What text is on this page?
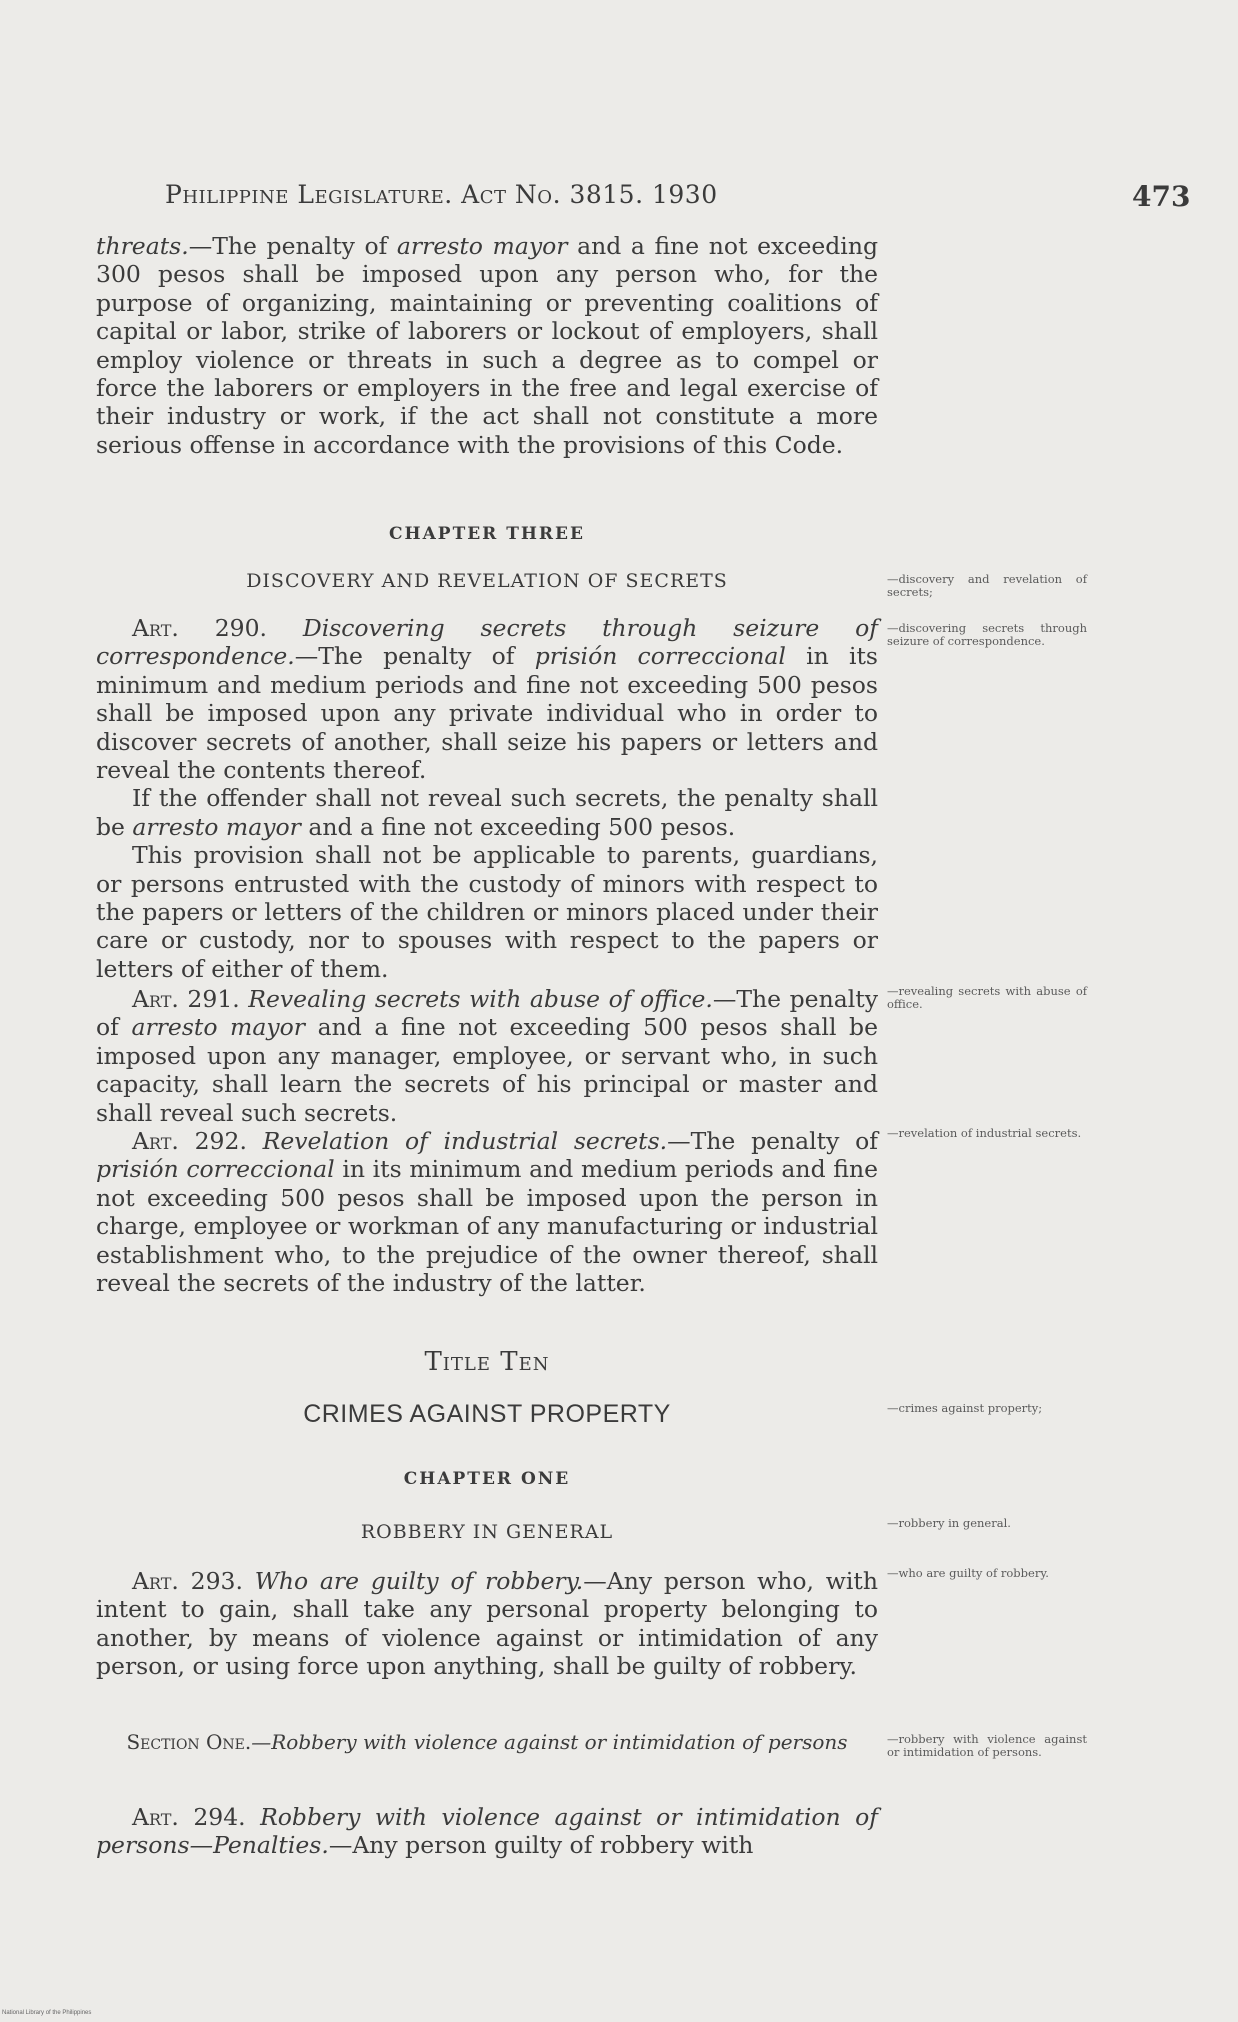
Philippine Legislature. Act No. 3815. 1930	473

threats.—The penalty of arresto mayor and a fine not exceeding 300 pesos shall be imposed upon any person who, for the purpose of organizing, maintaining or preventing coalitions of capital or labor, strike of laborers or lockout of employers, shall employ violence or threats in such a degree as to compel or force the laborers or employers in the free and legal exercise of their industry or work, if the act shall not constitute a more serious offense in accordance with the provisions of this Code.

CHAPTER THREE

DISCOVERY AND REVELATION OF SECRETS

Art. 290. Discovering secrets through seizure of correspondence.—The penalty of prisión correccional in its minimum and medium periods and fine not exceeding 500 pesos shall be imposed upon any private individual who in order to discover secrets of another, shall seize his papers or letters and reveal the contents thereof.

If the offender shall not reveal such secrets, the penalty shall be arresto mayor and a fine not exceeding 500 pesos.

This provision shall not be applicable to parents, guardians, or persons entrusted with the custody of minors with respect to the papers or letters of the children or minors placed under their care or custody, nor to spouses with respect to the papers or letters of either of them.

Art. 291. Revealing secrets with abuse of office.—The penalty of arresto mayor and a fine not exceeding 500 pesos shall be imposed upon any manager, employee, or servant who, in such capacity, shall learn the secrets of his principal or master and shall reveal such secrets.

Art. 292. Revelation of industrial secrets.—The penalty of prisión correccional in its minimum and medium periods and fine not exceeding 500 pesos shall be imposed upon the person in charge, employee or workman of any manufacturing or industrial establishment who, to the prejudice of the owner thereof, shall reveal the secrets of the industry of the latter.

Title Ten

CRIMES AGAINST PROPERTY

CHAPTER ONE

ROBBERY IN GENERAL

Art. 293. Who are guilty of robbery.—Any person who, with intent to gain, shall take any personal property belonging to another, by means of violence against or intimidation of any person, or using force upon anything, shall be guilty of robbery.

Section One.—Robbery with violence against or intimidation of persons

Art. 294. Robbery with violence against or intimidation of persons—Penalties.—Any person guilty of robbery with

—discovery and revelation of secrets;
—discovering secrets through seizure of correspondence.
—revealing secrets with abuse of office.
—revelation of industrial secrets.
—crimes against property;
—robbery in general.
—who are guilty of robbery.
—robbery with violence against or intimidation of persons.
National Library of the Philippines
